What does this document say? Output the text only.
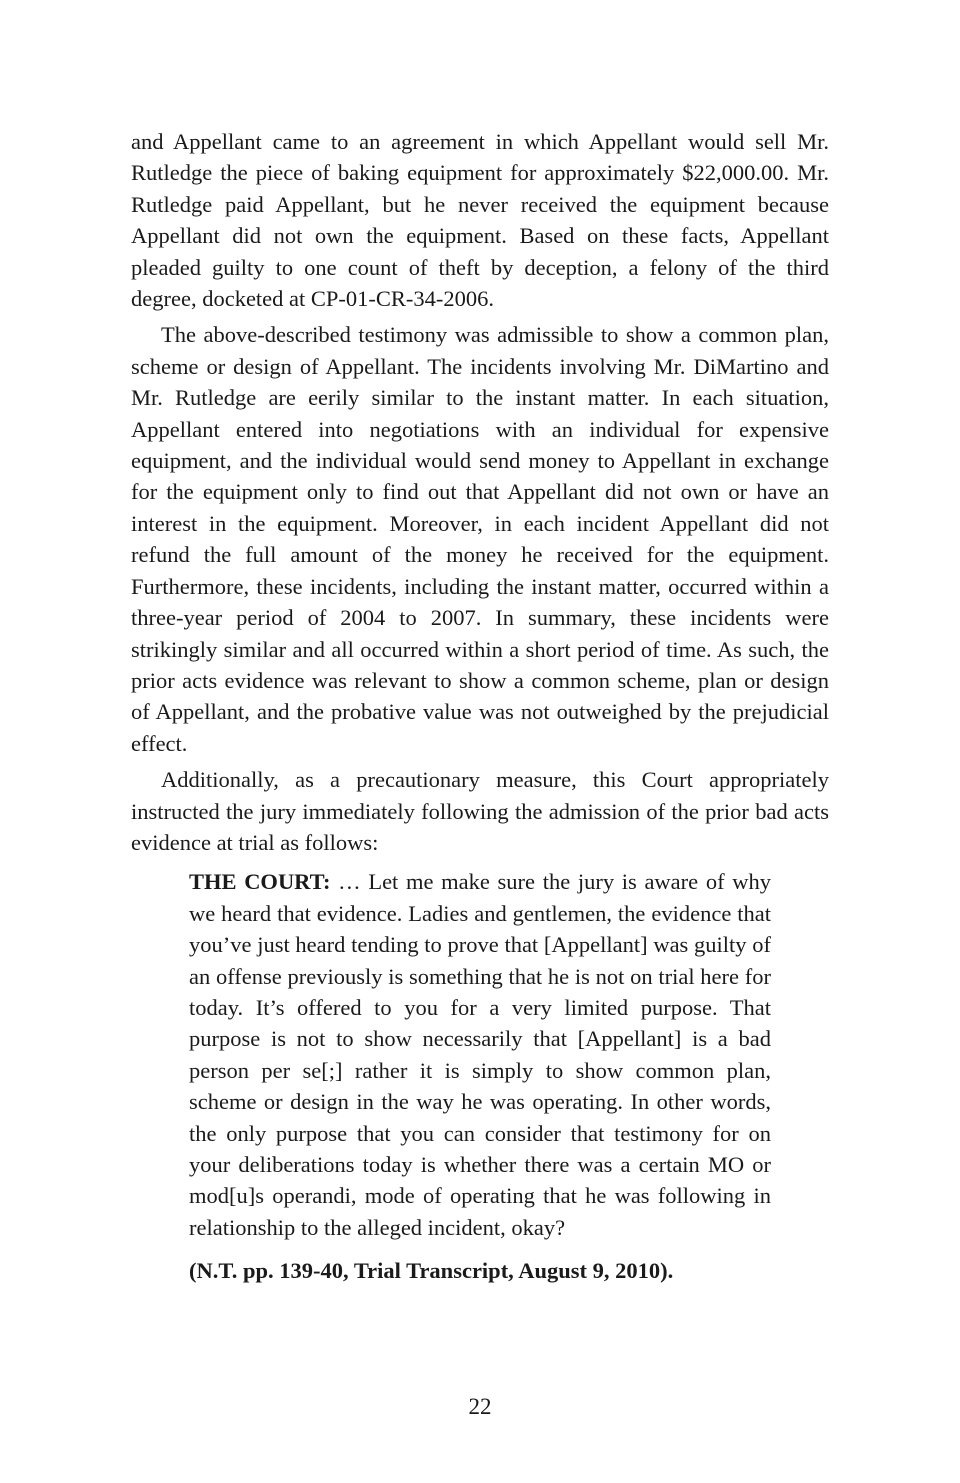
and Appellant came to an agreement in which Appellant would sell Mr. Rutledge the piece of baking equipment for approximately $22,000.00. Mr. Rutledge paid Appellant, but he never received the equipment because Appellant did not own the equipment. Based on these facts, Appellant pleaded guilty to one count of theft by deception, a felony of the third degree, docketed at CP-01-CR-34-2006.

The above-described testimony was admissible to show a common plan, scheme or design of Appellant. The incidents involving Mr. DiMartino and Mr. Rutledge are eerily similar to the instant matter. In each situation, Appellant entered into negotiations with an individual for expensive equipment, and the individual would send money to Appellant in exchange for the equipment only to find out that Appellant did not own or have an interest in the equipment. Moreover, in each incident Appellant did not refund the full amount of the money he received for the equipment. Furthermore, these incidents, including the instant matter, occurred within a three-year period of 2004 to 2007. In summary, these incidents were strikingly similar and all occurred within a short period of time. As such, the prior acts evidence was relevant to show a common scheme, plan or design of Appellant, and the probative value was not outweighed by the prejudicial effect.

Additionally, as a precautionary measure, this Court appropriately instructed the jury immediately following the admission of the prior bad acts evidence at trial as follows:

THE COURT: … Let me make sure the jury is aware of why we heard that evidence. Ladies and gentlemen, the evidence that you’ve just heard tending to prove that [Appellant] was guilty of an offense previously is something that he is not on trial here for today. It’s offered to you for a very limited purpose. That purpose is not to show necessarily that [Appellant] is a bad person per se[;] rather it is simply to show common plan, scheme or design in the way he was operating. In other words, the only purpose that you can consider that testimony for on your deliberations today is whether there was a certain MO or mod[u]s operandi, mode of operating that he was following in relationship to the alleged incident, okay?
(N.T. pp. 139-40, Trial Transcript, August 9, 2010).
22
